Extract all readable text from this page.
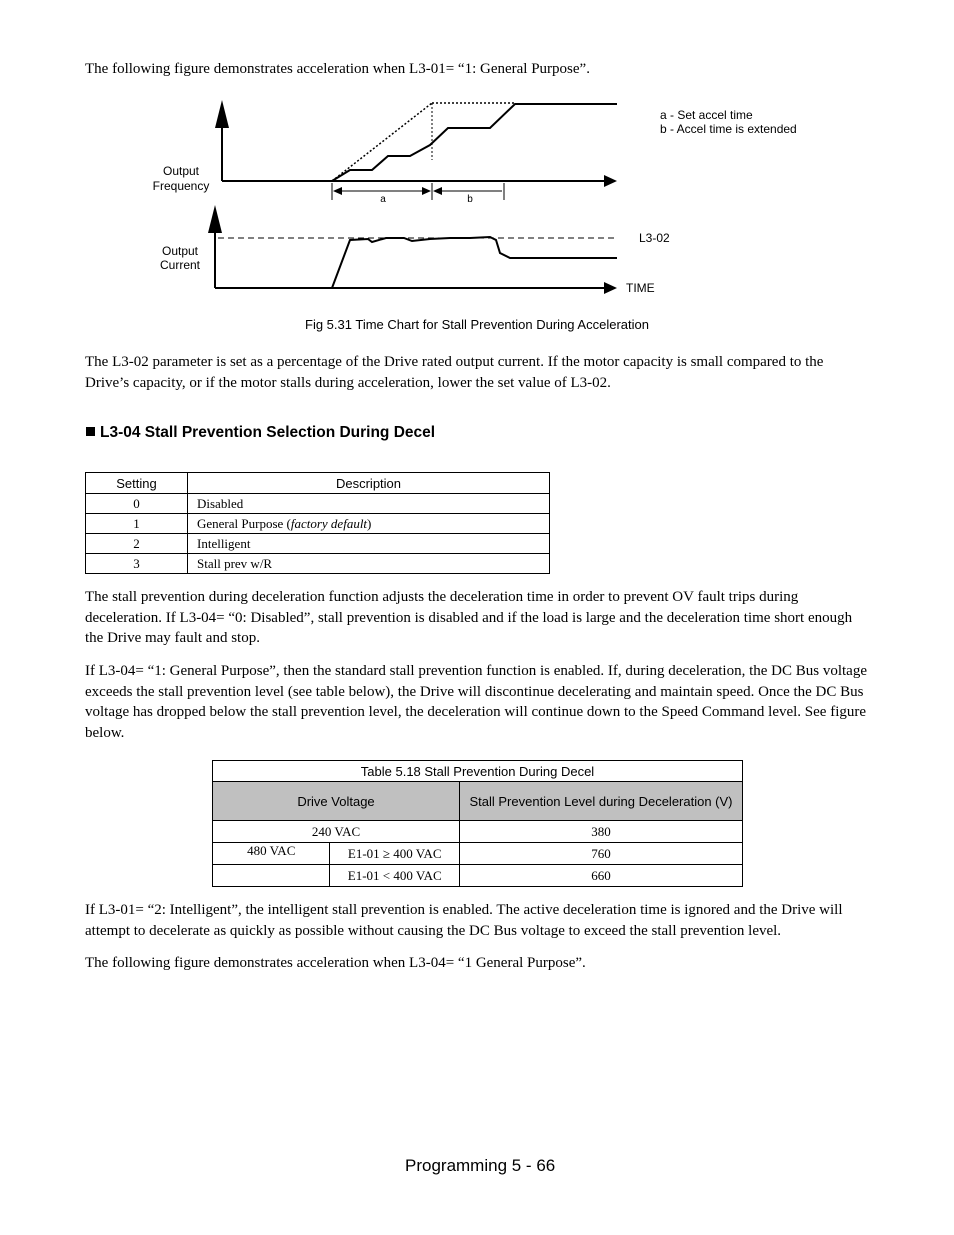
The following figure demonstrates acceleration when L3-01= “1: General Purpose”.

a - Set accel time
b - Accel time is extended
Output
Frequency
Output
Current
a	b
L3-02
TIME
Fig 5.31 Time Chart for Stall Prevention During Acceleration

The L3-02 parameter is set as a percentage of the Drive rated output current. If the motor capacity is small compared to the Drive’s capacity, or if the motor stalls during acceleration, lower the set value of L3-02.

L3-04 Stall Prevention Selection During Decel
Setting	Description
0	Disabled
1	General Purpose (factory default)
2	Intelligent
3	Stall prev w/R

The stall prevention during deceleration function adjusts the deceleration time in order to prevent OV fault trips during deceleration. If L3-04= “0: Disabled”, stall prevention is disabled and if the load is large and the deceleration time short enough the Drive may fault and stop.

If L3-04= “1: General Purpose”, then the standard stall prevention function is enabled. If, during deceleration, the DC Bus voltage exceeds the stall prevention level (see table below), the Drive will discontinue decelerating and maintain speed. Once the DC Bus voltage has dropped below the stall prevention level, the deceleration will continue down to the Speed Command level. See figure below.

Table 5.18 Stall Prevention During Decel		
Drive Voltage		Stall Prevention Level during Deceleration (V)
240 VAC		380
480 VAC	E1-01 ≥ 400 VAC	760
	E1-01 < 400 VAC	660

If L3-01= “2: Intelligent”, the intelligent stall prevention is enabled. The active deceleration time is ignored and the Drive will attempt to decelerate as quickly as possible without causing the DC Bus voltage to exceed the stall prevention level.

The following figure demonstrates acceleration when L3-04= “1 General Purpose”.

Programming 5 - 66
